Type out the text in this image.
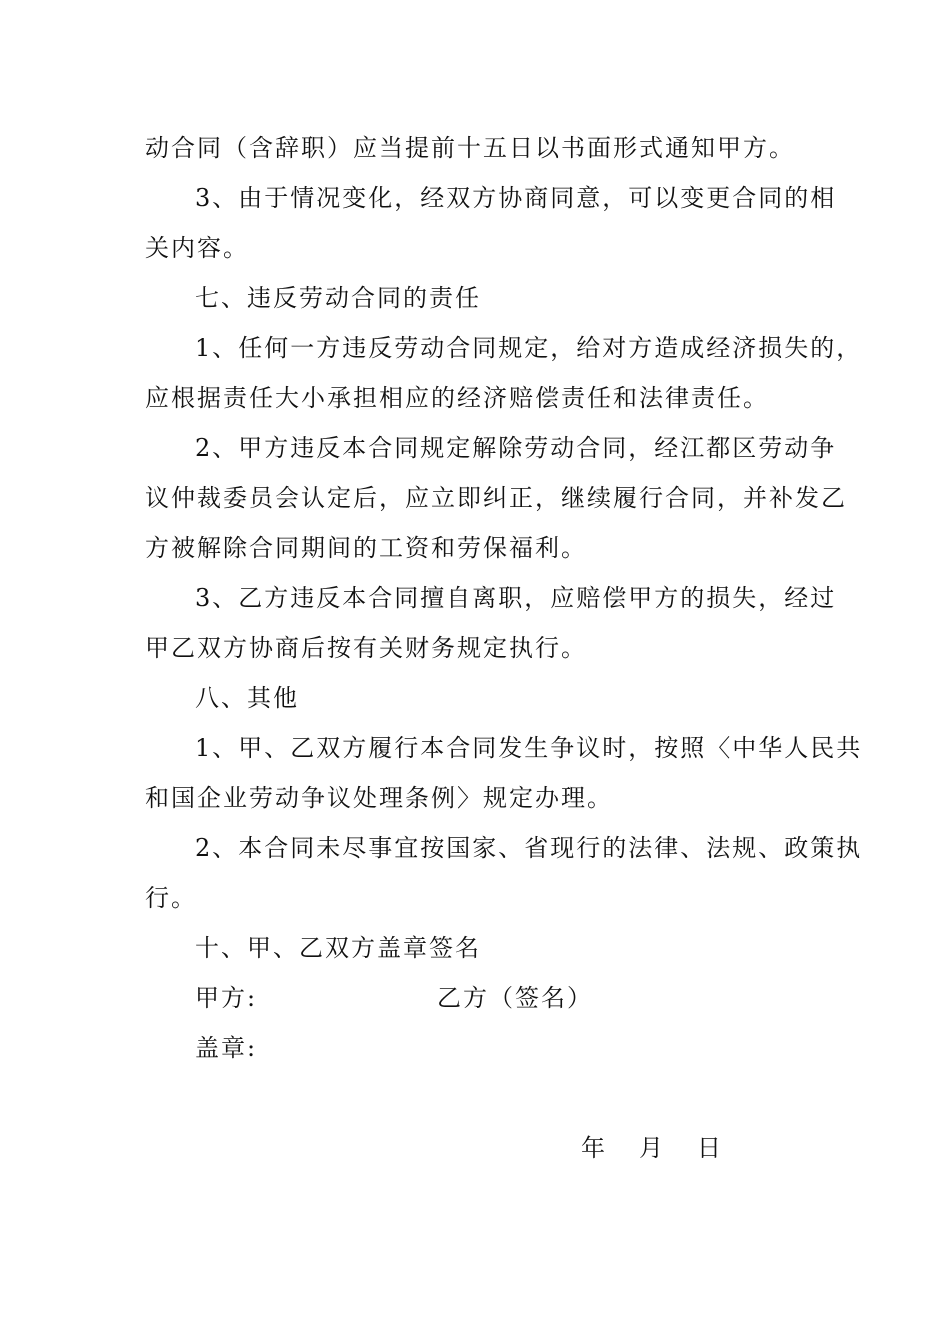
动合同（含辞职）应当提前十五日以书面形式通知甲方。
3、由于情况变化，经双方协商同意，可以变更合同的相
关内容。
七、违反劳动合同的责任
1、任何一方违反劳动合同规定，给对方造成经济损失的，
应根据责任大小承担相应的经济赔偿责任和法律责任。
2、甲方违反本合同规定解除劳动合同，经江都区劳动争
议仲裁委员会认定后，应立即纠正，继续履行合同，并补发乙
方被解除合同期间的工资和劳保福利。
3、乙方违反本合同擅自离职，应赔偿甲方的损失，经过
甲乙双方协商后按有关财务规定执行。
八、其他
1、甲、乙双方履行本合同发生争议时，按照〈中华人民共
和国企业劳动争议处理条例〉规定办理。
2、本合同未尽事宜按国家、省现行的法律、法规、政策执
行。
十、甲、乙双方盖章签名
甲方:	乙方（签名）
盖章:
年 月 日
